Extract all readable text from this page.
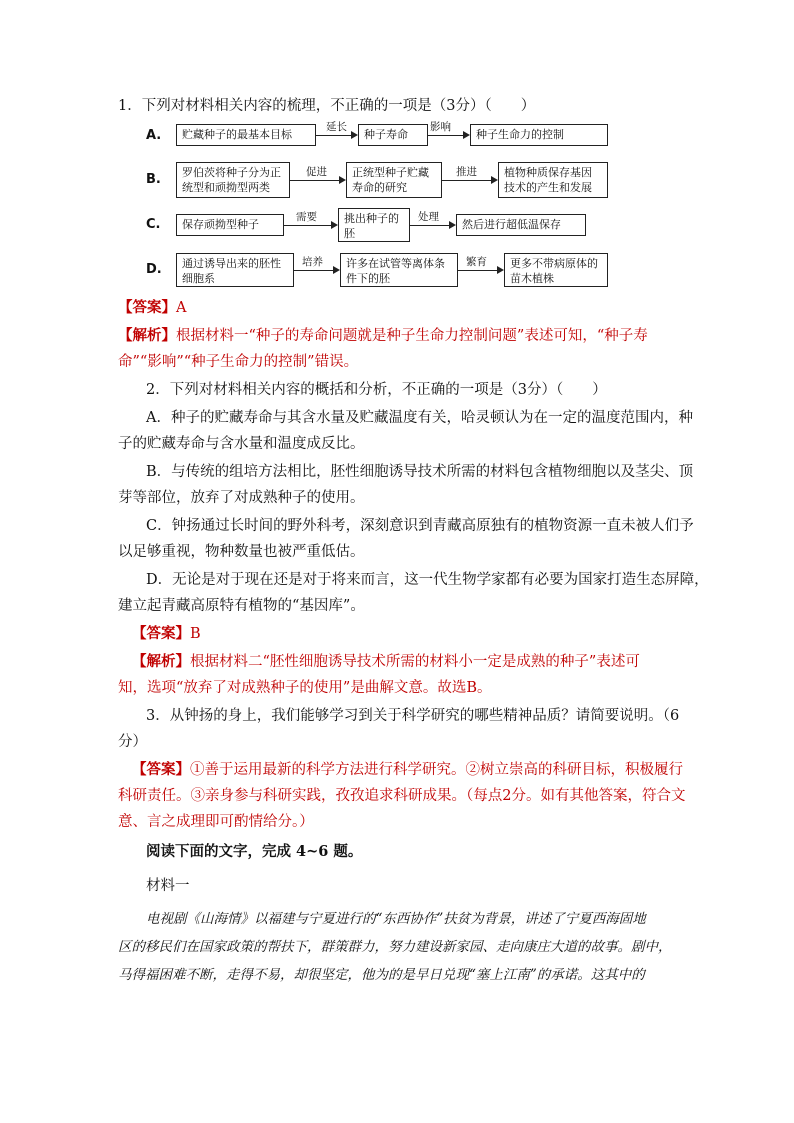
1．下列对材料相关内容的梳理，不正确的一项是（3分）（　　）
A.	贮藏种子的最基本目标
延长
种子寿命
影响
种子生命力的控制
B.	罗伯茨将种子分为正统型和顽拗型两类
促进	正统型种子贮藏寿命的研究
推进	植物种质保存基因技术的产生和发展
C.	保存顽拗型种子
需要	挑出种子的胚
处理
然后进行超低温保存
D.	通过诱导出来的胚性细胞系
培养	许多在试管等离体条件下的胚
繁育	更多不带病原体的苗木植株
【答案】A
【解析】根据材料一“种子的寿命问题就是种子生命力控制问题”表述可知，“种子寿
命”“影响”“种子生命力的控制”错误。
2．下列对材料相关内容的概括和分析，不正确的一项是（3分）（　　）
A．种子的贮藏寿命与其含水量及贮藏温度有关，哈灵顿认为在一定的温度范围内，种
子的贮藏寿命与含水量和温度成反比。
B．与传统的组培方法相比，胚性细胞诱导技术所需的材料包含植物细胞以及茎尖、顶
芽等部位，放弃了对成熟种子的使用。
C．钟扬通过长时间的野外科考，深刻意识到青藏高原独有的植物资源一直未被人们予
以足够重视，物种数量也被严重低估。
D．无论是对于现在还是对于将来而言，这一代生物学家都有必要为国家打造生态屏障，
建立起青藏高原特有植物的“基因库”。
【答案】B
【解析】根据材料二“胚性细胞诱导技术所需的材料小一定是成熟的种子”表述可
知，选项“放弃了对成熟种子的使用”是曲解文意。故选B。
3．从钟扬的身上，我们能够学习到关于科学研究的哪些精神品质？请简要说明。（6
分）
【答案】①善于运用最新的科学方法进行科学研究。②树立崇高的科研目标，积极履行
科研责任。③亲身参与科研实践，孜孜追求科研成果。（每点2分。如有其他答案，符合文
意、言之成理即可酌情给分。）
阅读下面的文字，完成 4~6 题。
材料一
电视剧《山海情》以福建与宁夏进行的“东西协作”扶贫为背景，讲述了宁夏西海固地
区的移民们在国家政策的帮扶下，群策群力，努力建设新家园、走向康庄大道的故事。剧中，
马得福困难不断，走得不易，却很坚定，他为的是早日兑现“塞上江南”的承诺。这其中的
